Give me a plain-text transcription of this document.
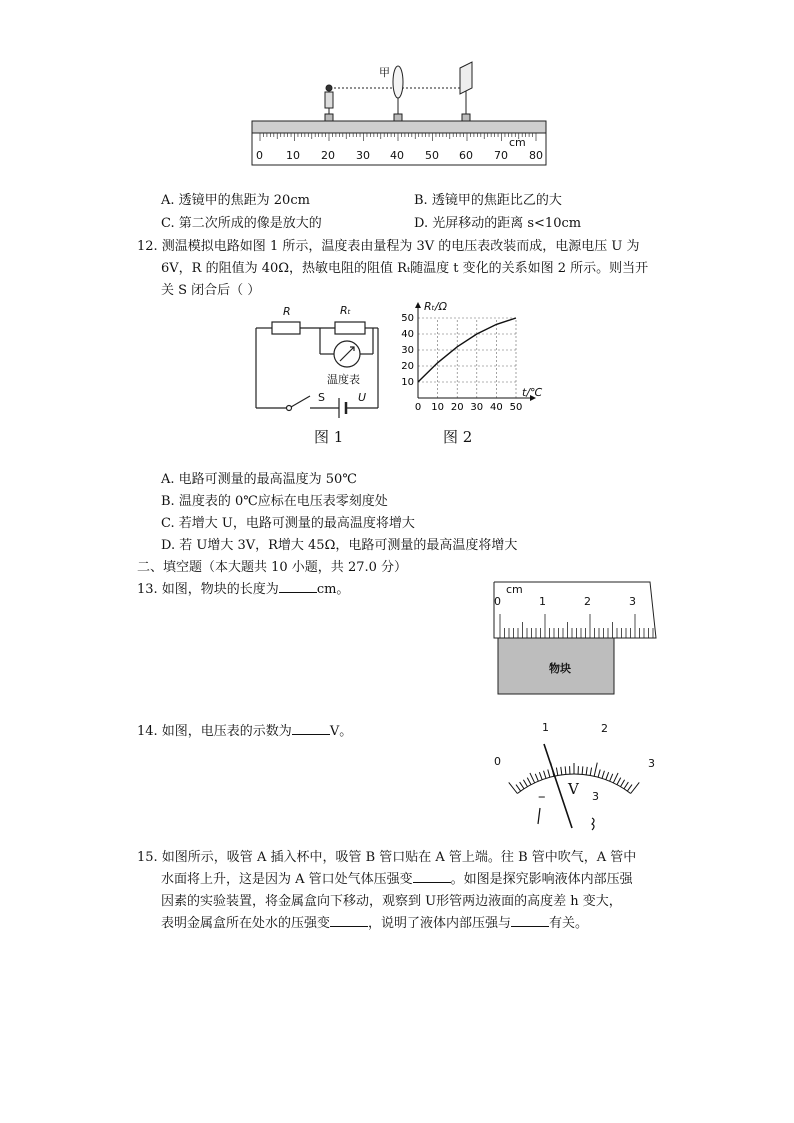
甲
cm
0 10 20 30 40 50 60 70 80
A. 透镜甲的焦距为 20cm	B. 透镜甲的焦距比乙的大
C. 第二次所成的像是放大的	D. 光屏移动的距离 s<10cm
12. 测温模拟电路如图 1 所示，温度表由量程为 3V 的电压表改装而成，电源电压 U 为
6V，R 的阻值为 40Ω，热敏电阻的阻值 Rₜ随温度 t 变化的关系如图 2 所示。则当开
关 S 闭合后（ ）
R	Rₜ
温度表
S	U
图 1
0 10 20 30 40 50
10
20
30
40
50
Rₜ/Ω
t/℃
图 2
A. 电路可测量的最高温度为 50℃
B. 温度表的 0℃应标在电压表零刻度处
C. 若增大 U，电路可测量的最高温度将增大
D. 若 U增大 3V，R增大 45Ω，电路可测量的最高温度将增大
二、填空题（本大题共 10 小题，共 27.0 分）
13. 如图，物块的长度为	cm。	cm
0	1	2	3
物块
14. 如图，电压表的示数为	V。
0
1	2
3
V
–	3
15. 如图所示，吸管 A 插入杯中，吸管 B 管口贴在 A 管上端。往 B 管中吹气，A 管中
水面将上升，这是因为 A 管口处气体压强变	。如图是探究影响液体内部压强
因素的实验装置，将金属盒向下移动，观察到 U形管两边液面的高度差 h 变大，
表明金属盒所在处水的压强变	，说明了液体内部压强与	有关。
